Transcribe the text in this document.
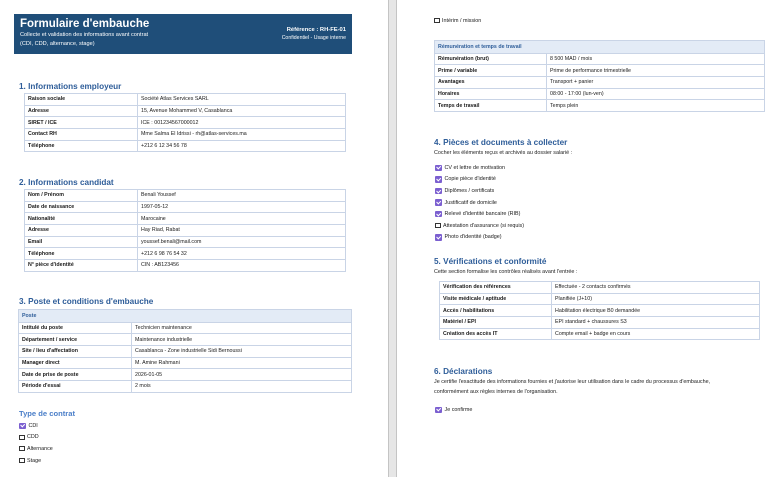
Formulaire d'embauche
Collecte et validation des informations avant contrat
(CDI, CDD, alternance, stage)
Référence : RH-FE-01
Confidentiel - Usage interne
1. Informations employeur
Raison sociale	Société Atlas Services SARL
Adresse	15, Avenue Mohammed V, Casablanca
SIRET / ICE	ICE : 001234567000012
Contact RH	Mme Salma El Idrissi - rh@atlas-services.ma
Téléphone	+212 6 12 34 56 78
2. Informations candidat
Nom / Prénom	Benali Youssef
Date de naissance	1997-05-12
Nationalité	Marocaine
Adresse	Hay Riad, Rabat
Email	youssef.benali@mail.com
Téléphone	+212 6 98 76 54 32
N° pièce d'identité	CIN : AB123456
3. Poste et conditions d'embauche
Poste	
Intitulé du poste	Technicien maintenance
Département / service	Maintenance industrielle
Site / lieu d'affectation	Casablanca - Zone industrielle Sidi Bernoussi
Manager direct	M. Amine Rahmani
Date de prise de poste	2026-01-05
Période d'essai	2 mois
Type de contrat
CDI
CDD
Alternance
Stage
Intérim / mission
Rémunération et temps de travail	
Rémunération (brut)	8 500 MAD / mois
Prime / variable	Prime de performance trimestrielle
Avantages	Transport + panier
Horaires	08:00 - 17:00 (lun-ven)
Temps de travail	Temps plein
4. Pièces et documents à collecter
Cocher les éléments reçus et archivés au dossier salarié :
CV et lettre de motivation
Copie pièce d'identité
Diplômes / certificats
Justificatif de domicile
Relevé d'identité bancaire (RIB)
Attestation d'assurance (si requis)
Photo d'identité (badge)
5. Vérifications et conformité
Cette section formalise les contrôles réalisés avant l'entrée :
Vérification des références	Effectuée - 2 contacts confirmés
Visite médicale / aptitude	Planifiée (J+10)
Accès / habilitations	Habilitation électrique B0 demandée
Matériel / EPI	EPI standard + chaussures S3
Création des accès IT	Compte email + badge en cours
6. Déclarations
Je certifie l'exactitude des informations fournies et j'autorise leur utilisation dans le cadre du processus d'embauche,
conformément aux règles internes de l'organisation.
Je confirme
